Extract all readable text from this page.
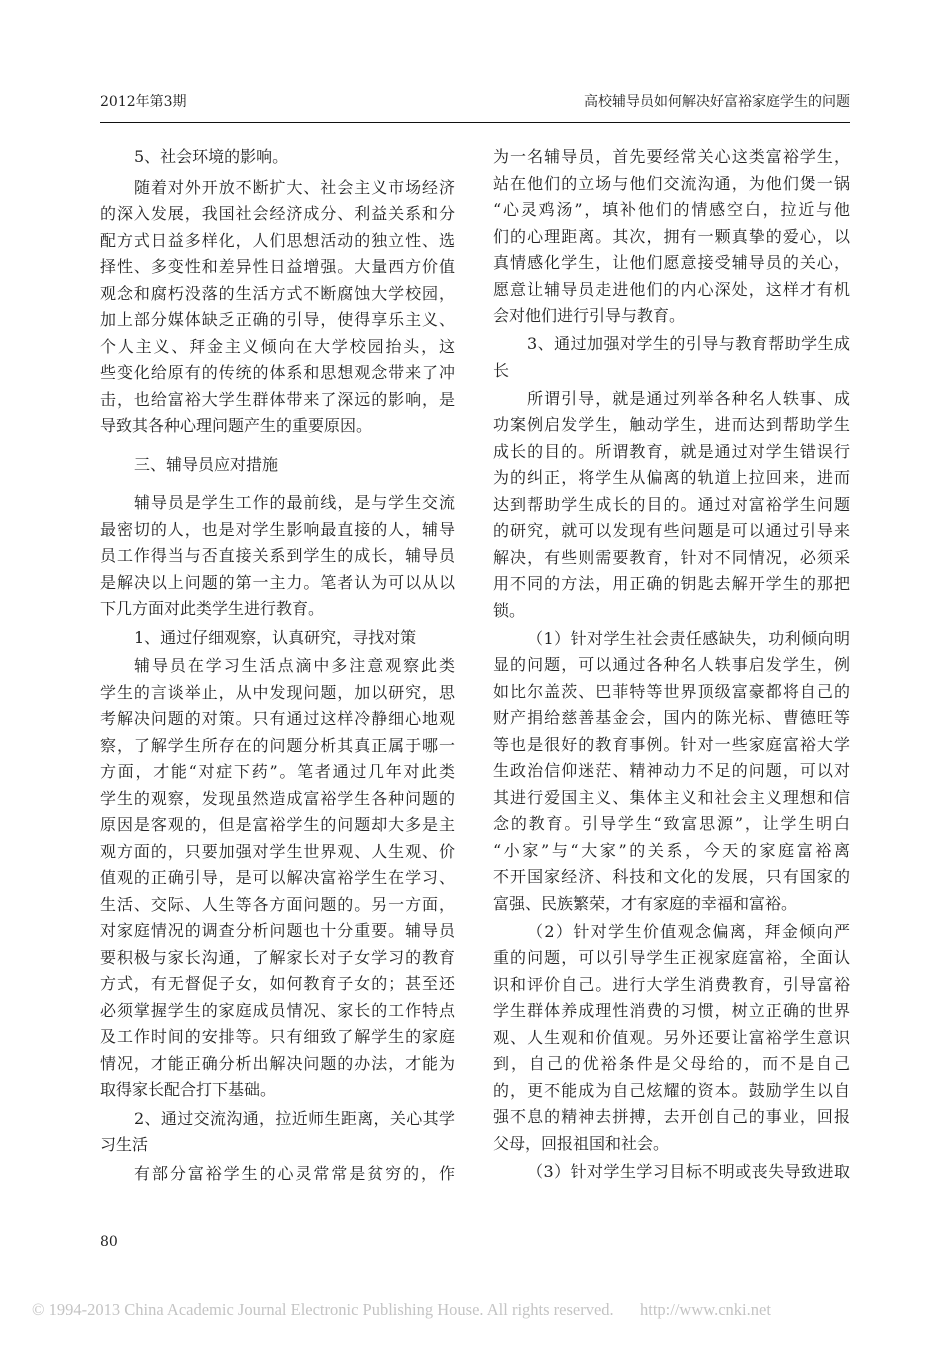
2012年第3期	高校辅导员如何解决好富裕家庭学生的问题
5、社会环境的影响。
随着对外开放不断扩大、社会主义市场经济
的深入发展，我国社会经济成分、利益关系和分
配方式日益多样化，人们思想活动的独立性、选
择性、多变性和差异性日益增强。大量西方价值
观念和腐朽没落的生活方式不断腐蚀大学校园，
加上部分媒体缺乏正确的引导，使得享乐主义、
个人主义、拜金主义倾向在大学校园抬头，这
些变化给原有的传统的体系和思想观念带来了冲
击，也给富裕大学生群体带来了深远的影响，是
导致其各种心理问题产生的重要原因。
三、辅导员应对措施
辅导员是学生工作的最前线，是与学生交流
最密切的人，也是对学生影响最直接的人，辅导
员工作得当与否直接关系到学生的成长，辅导员
是解决以上问题的第一主力。笔者认为可以从以
下几方面对此类学生进行教育。
1、通过仔细观察，认真研究，寻找对策
辅导员在学习生活点滴中多注意观察此类
学生的言谈举止，从中发现问题，加以研究，思
考解决问题的对策。只有通过这样冷静细心地观
察，了解学生所存在的问题分析其真正属于哪一
方面，才能“对症下药”。笔者通过几年对此类
学生的观察，发现虽然造成富裕学生各种问题的
原因是客观的，但是富裕学生的问题却大多是主
观方面的，只要加强对学生世界观、人生观、价
值观的正确引导，是可以解决富裕学生在学习、
生活、交际、人生等各方面问题的。另一方面，
对家庭情况的调查分析问题也十分重要。辅导员
要积极与家长沟通，了解家长对子女学习的教育
方式，有无督促子女，如何教育子女的；甚至还
必须掌握学生的家庭成员情况、家长的工作特点
及工作时间的安排等。只有细致了解学生的家庭
情况，才能正确分析出解决问题的办法，才能为
取得家长配合打下基础。
2、通过交流沟通，拉近师生距离，关心其学
习生活
有部分富裕学生的心灵常常是贫穷的，作
为一名辅导员，首先要经常关心这类富裕学生，
站在他们的立场与他们交流沟通，为他们煲一锅
“心灵鸡汤”，填补他们的情感空白，拉近与他
们的心理距离。其次，拥有一颗真挚的爱心，以
真情感化学生，让他们愿意接受辅导员的关心，
愿意让辅导员走进他们的内心深处，这样才有机
会对他们进行引导与教育。
3、通过加强对学生的引导与教育帮助学生成
长
所谓引导，就是通过列举各种名人轶事、成
功案例启发学生，触动学生，进而达到帮助学生
成长的目的。所谓教育，就是通过对学生错误行
为的纠正，将学生从偏离的轨道上拉回来，进而
达到帮助学生成长的目的。通过对富裕学生问题
的研究，就可以发现有些问题是可以通过引导来
解决，有些则需要教育，针对不同情况，必须采
用不同的方法，用正确的钥匙去解开学生的那把
锁。
（1）针对学生社会责任感缺失，功利倾向明
显的问题，可以通过各种名人轶事启发学生，例
如比尔盖茨、巴菲特等世界顶级富豪都将自己的
财产捐给慈善基金会，国内的陈光标、曹德旺等
等也是很好的教育事例。针对一些家庭富裕大学
生政治信仰迷茫、精神动力不足的问题，可以对
其进行爱国主义、集体主义和社会主义理想和信
念的教育。引导学生“致富思源”，让学生明白
“小家”与“大家”的关系，今天的家庭富裕离
不开国家经济、科技和文化的发展，只有国家的
富强、民族繁荣，才有家庭的幸福和富裕。
（2）针对学生价值观念偏离，拜金倾向严
重的问题，可以引导学生正视家庭富裕，全面认
识和评价自己。进行大学生消费教育，引导富裕
学生群体养成理性消费的习惯，树立正确的世界
观、人生观和价值观。另外还要让富裕学生意识
到，自己的优裕条件是父母给的，而不是自己
的，更不能成为自己炫耀的资本。鼓励学生以自
强不息的精神去拼搏，去开创自己的事业，回报
父母，回报祖国和社会。
（3）针对学生学习目标不明或丧失导致进取
80
© 1994-2013 China Academic Journal Electronic Publishing House. All rights reserved. http://www.cnki.net
